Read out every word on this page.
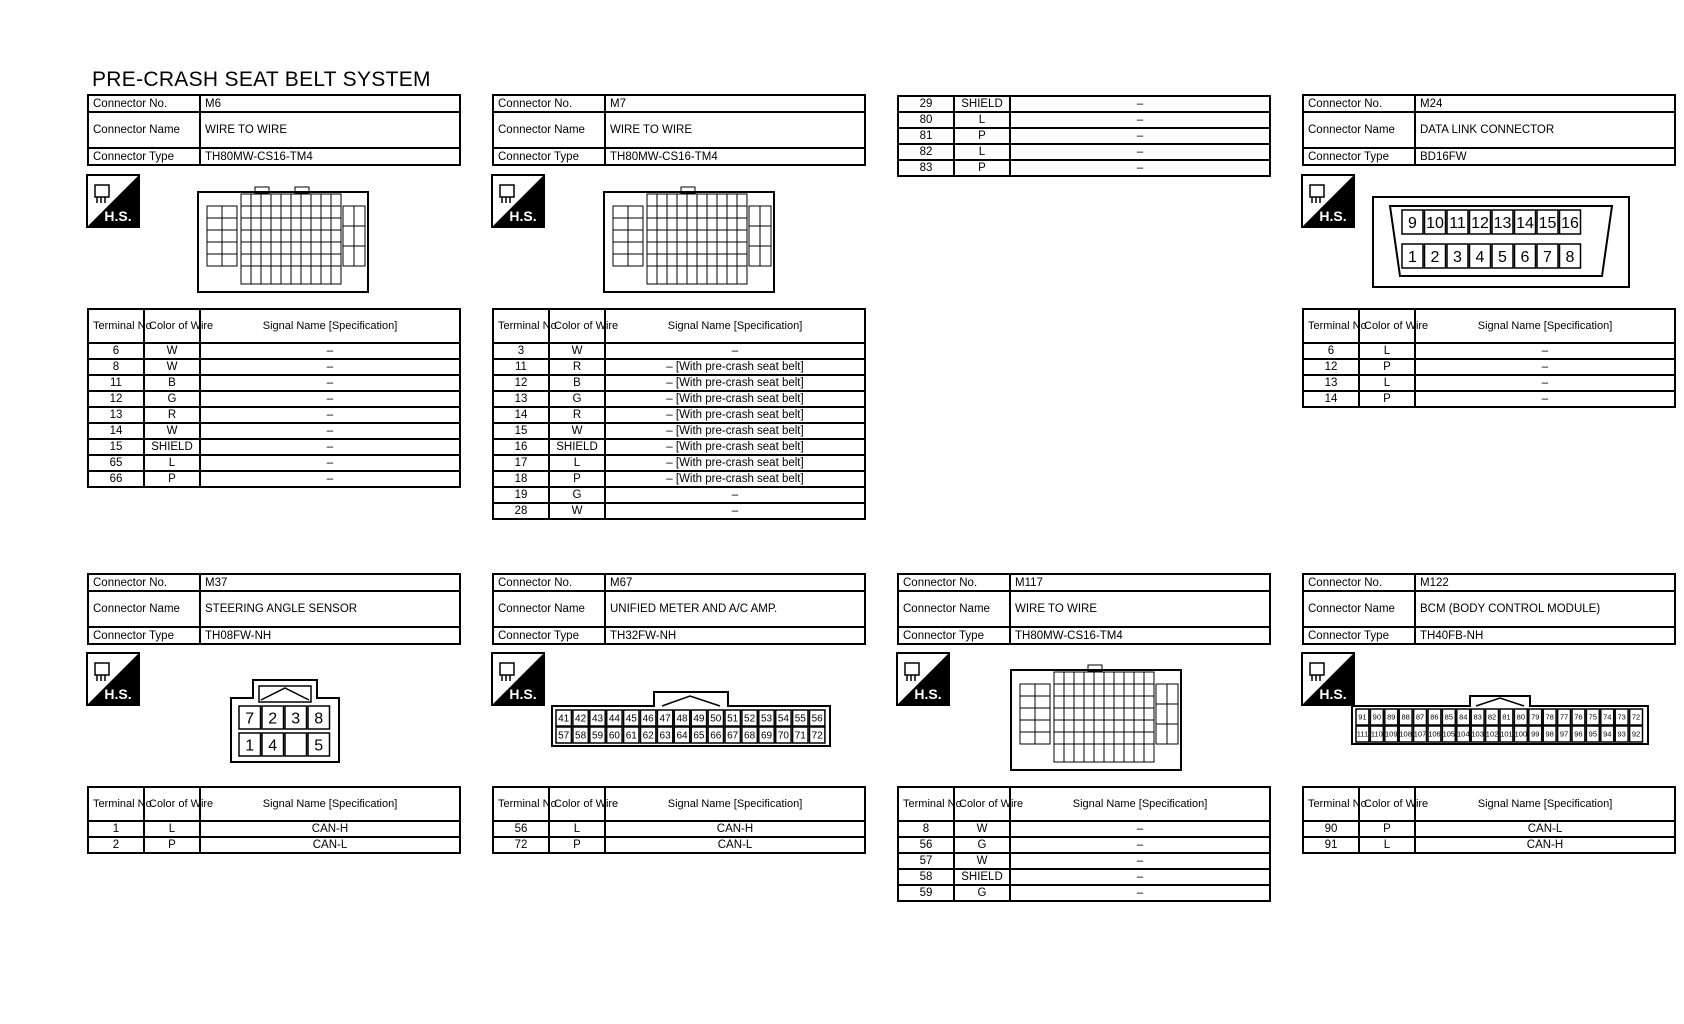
PRE-CRASH SEAT BELT SYSTEM
Connector No.	M6
Connector Name	WIRE TO WIRE
Connector Type	TH80MW-CS16-TM4
H.S.
Terminal No.	Color of Wire	Signal Name [Specification]
6	W	–
8	W	–
11	B	–
12	G	–
13	R	–
14	W	–
15	SHIELD	–
65	L	–
66	P	–
Connector No.	M7
Connector Name	WIRE TO WIRE
Connector Type	TH80MW-CS16-TM4
H.S.
Terminal No.	Color of Wire	Signal Name [Specification]
3	W	–
11	R	– [With pre-crash seat belt]
12	B	– [With pre-crash seat belt]
13	G	– [With pre-crash seat belt]
14	R	– [With pre-crash seat belt]
15	W	– [With pre-crash seat belt]
16	SHIELD	– [With pre-crash seat belt]
17	L	– [With pre-crash seat belt]
18	P	– [With pre-crash seat belt]
19	G	–
28	W	–
29	SHIELD	–
80	L	–
81	P	–
82	L	–
83	P	–
Connector No.	M24
Connector Name	DATA LINK CONNECTOR
Connector Type	BD16FW
H.S.	9 10 11 12 13 14 15 16
1 2 3 4 5 6 7 8
Terminal No.	Color of Wire	Signal Name [Specification]
6	L	–
12	P	–
13	L	–
14	P	–
Connector No.	M37
Connector Name	STEERING ANGLE SENSOR
Connector Type	TH08FW-NH
H.S.
7 2 3 8
1 4 5
Terminal No.	Color of Wire	Signal Name [Specification]
1	L	CAN-H
2	P	CAN-L
Connector No.	M67
Connector Name	UNIFIED METER AND A/C AMP.
Connector Type	TH32FW-NH
H.S.
41 42 43 44 45 46 47 48 49 50 51 52 53 54 55 56
57 58 59 60 61 62 63 64 65 66 67 68 69 70 71 72
Terminal No.	Color of Wire	Signal Name [Specification]
56	L	CAN-H
72	P	CAN-L
Connector No.	M117
Connector Name	WIRE TO WIRE
Connector Type	TH80MW-CS16-TM4
H.S.
Terminal No.	Color of Wire	Signal Name [Specification]
8	W	–
56	G	–
57	W	–
58	SHIELD	–
59	G	–
Connector No.	M122
Connector Name	BCM (BODY CONTROL MODULE)
Connector Type	TH40FB-NH
H.S.
91 90 89 88 87 86 85 84 83 82 81 80 79 78 77 76 75 74 73 72
111 110 109 108 107 106 105 104 103 102 101 100 99 98 97 96 95 94 93 92
Terminal No.	Color of Wire	Signal Name [Specification]
90	P	CAN-L
91	L	CAN-H
